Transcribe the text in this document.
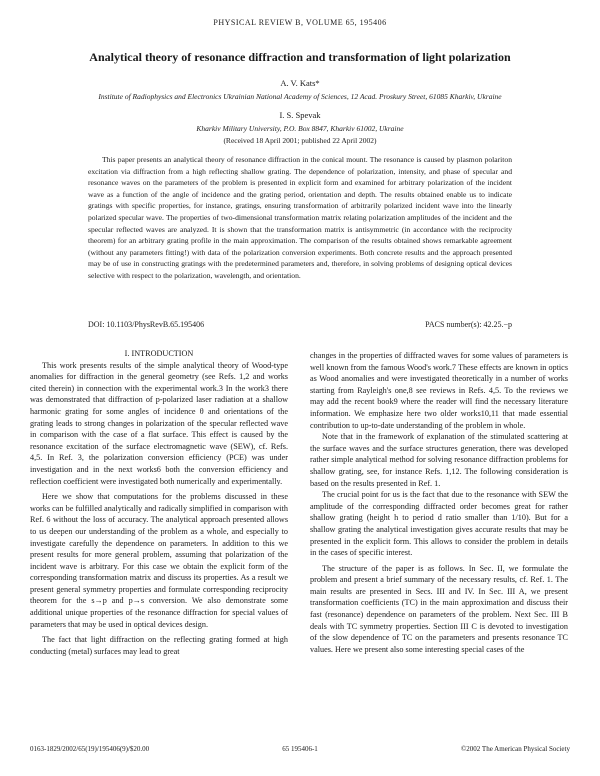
PHYSICAL REVIEW B, VOLUME 65, 195406
Analytical theory of resonance diffraction and transformation of light polarization
A. V. Kats*
Institute of Radiophysics and Electronics Ukrainian National Academy of Sciences, 12 Acad. Proskury Street, 61085 Kharkiv, Ukraine
I. S. Spevak
Kharkiv Military University, P.O. Box 8847, Kharkiv 61002, Ukraine
(Received 18 April 2001; published 22 April 2002)

This paper presents an analytical theory of resonance diffraction in the conical mount. The resonance is caused by plasmon polariton excitation via diffraction from a high reflecting shallow grating. The dependence of polarization, intensity, and phase of specular and resonance waves on the parameters of the problem is presented in explicit form and examined for arbitrary polarization of the incident wave as a function of the angle of incidence and the grating period, orientation and depth. The results obtained enable us to indicate gratings with specific properties, for instance, gratings, ensuring transformation of arbitrarily polarized incident wave into the linearly polarized specular wave. The properties of two-dimensional transformation matrix relating polarization amplitudes of the incident and the specular reflected waves are analyzed. It is shown that the transformation matrix is antisymmetric (in accordance with the reciprocity theorem) for an arbitrary grating profile in the main approximation. The comparison of the results obtained shows remarkable agreement (without any parameters fitting!) with data of the polarization conversion experiments. Both concrete results and the approach presented may be of use in constructing gratings with the predetermined parameters and, therefore, in solving problems of designing optical devices selective with respect to the polarization, wavelength, and orientation.

DOI: 10.1103/PhysRevB.65.195406	PACS number(s): 42.25.−p

I. INTRODUCTION

This work presents results of the simple analytical theory of Wood-type anomalies for diffraction in the general geometry (see Refs. 1,2 and works cited therein) in connection with the experimental work.3 In the work3 there was demonstrated that diffraction of p-polarized laser radiation at a shallow harmonic grating for some angles of incidence θ and orientations of the grating leads to strong changes in polarization of the specular reflected wave in comparison with the case of a flat surface. This effect is caused by the resonance excitation of the surface electromagnetic wave (SEW), cf. Refs. 4,5. In Ref. 3, the polarization conversion efficiency (PCE) was under investigation and in the next works6 both the conversion efficiency and reflection coefficient were investigated both numerically and experimentally.

Here we show that computations for the problems discussed in these works can be fulfilled analytically and radically simplified in comparison with Ref. 6 without the loss of accuracy. The analytical approach presented allows to us deepen our understanding of the problem as a whole, and especially to investigate carefully the dependence on parameters. In addition to this we present results for more general problem, assuming that polarization of the incident wave is arbitrary. For this case we obtain the explicit form of the corresponding transformation matrix and discuss its properties. As a result we present general symmetry properties and formulate corresponding reciprocity theorem for the s→p and p→s conversion. We also demonstrate some additional unique properties of the resonance diffraction for special values of parameters that may be used in optical devices design.

The fact that light diffraction on the reflecting grating formed at high conducting (metal) surfaces may lead to great

changes in the properties of diffracted waves for some values of parameters is well known from the famous Wood's work.7 These effects are known in optics as Wood anomalies and were investigated theoretically in a number of works starting from Rayleigh's one,8 see reviews in Refs. 4,5. To the reviews we may add the recent book9 where the reader will find the necessary literature information. We emphasize here two older works10,11 that made essential contribution to up-to-date understanding of the problem in whole.

Note that in the framework of explanation of the stimulated scattering at the surface waves and the surface structures generation, there was developed rather simple analytical method for solving resonance diffraction problems for shallow grating, see, for instance Refs. 1,12. The following consideration is based on the results presented in Ref. 1.

The crucial point for us is the fact that due to the resonance with SEW the amplitude of the corresponding diffracted order becomes great for rather shallow grating (height h to period d ratio smaller than 1/10). But for a shallow grating the analytical investigation gives accurate results that may be presented in the explicit form. This allows to consider the problem in details in the cases of specific interest.

The structure of the paper is as follows. In Sec. II, we formulate the problem and present a brief summary of the necessary results, cf. Ref. 1. The main results are presented in Secs. III and IV. In Sec. III A, we present transformation coefficients (TC) in the main approximation and discuss their fast (resonance) dependence on parameters of the problem. Next Sec. III B deals with TC symmetry properties. Section III C is devoted to investigation of the slow dependence of TC on the parameters and presents resonance TC values. Here we present also some interesting special cases of the

0163-1829/2002/65(19)/195406(9)/$20.00	65 195406-1	©2002 The American Physical Society
